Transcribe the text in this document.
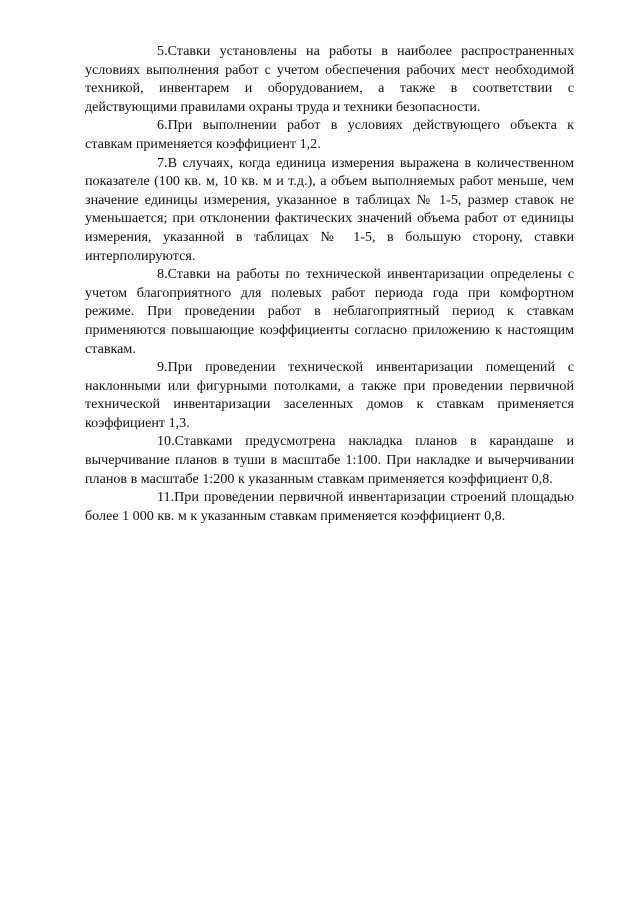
5.Ставки установлены на работы в наиболее распространенных условиях выполнения работ с учетом обеспечения рабочих мест необходимой техникой, инвентарем и оборудованием, а также в соответствии с действующими правилами охраны труда и техники безопасности.

6.При выполнении работ в условиях действующего объекта к ставкам применяется коэффициент 1,2.

7.В случаях, когда единица измерения выражена в количественном показателе (100 кв. м, 10 кв. м и т.д.), а объем выполняемых работ меньше, чем значение единицы измерения, указанное в таблицах № 1-5, размер ставок не уменьшается; при отклонении фактических значений объема работ от единицы измерения, указанной в таблицах № 1-5, в большую сторону, ставки интерполируются.

8.Ставки на работы по технической инвентаризации определены с учетом благоприятного для полевых работ периода года при комфортном режиме. При проведении работ в неблагоприятный период к ставкам применяются повышающие коэффициенты согласно приложению к настоящим ставкам.

9.При проведении технической инвентаризации помещений с наклонными или фигурными потолками, а также при проведении первичной технической инвентаризации заселенных домов к ставкам применяется коэффициент 1,3.

10.Ставками предусмотрена накладка планов в карандаше и вычерчивание планов в туши в масштабе 1:100. При накладке и вычерчивании планов в масштабе 1:200 к указанным ставкам применяется коэффициент 0,8.

11.При проведении первичной инвентаризации строений площадью более 1 000 кв. м к указанным ставкам применяется коэффициент 0,8.
